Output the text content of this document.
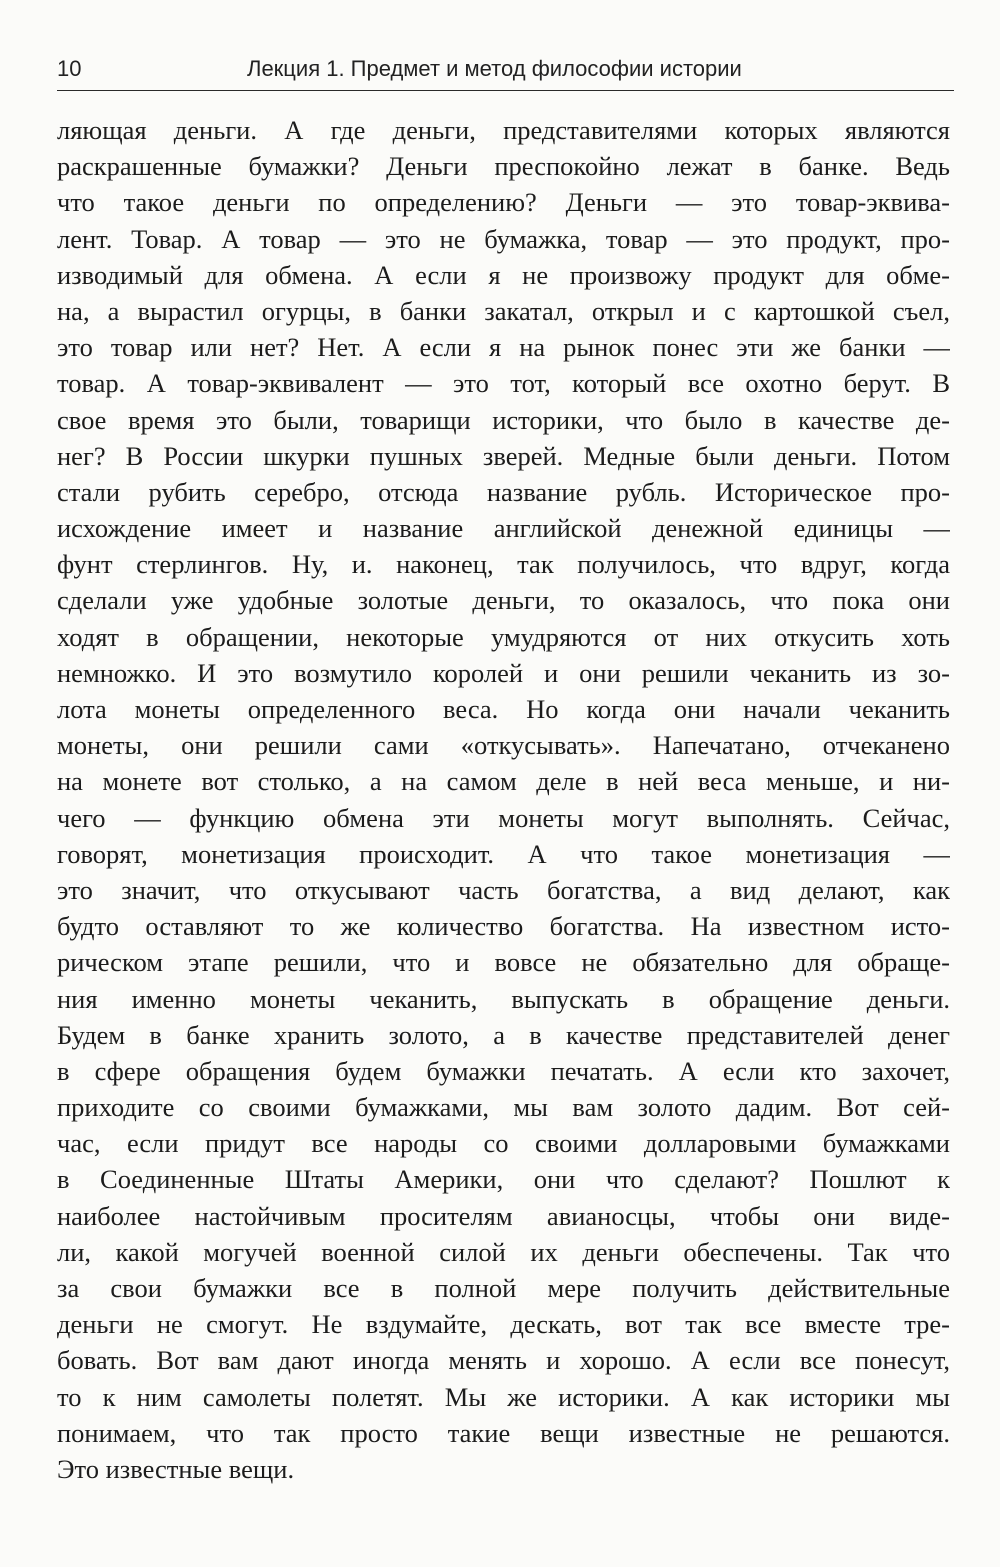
10	Лекция 1. Предмет и метод философии истории
ляющая деньги. А где деньги, представителями которых являются
раскрашенные бумажки? Деньги преспокойно лежат в банке. Ведь
что такое деньги по определению? Деньги — это товар-эквива-
лент. Товар. А товар — это не бумажка, товар — это продукт, про-
изводимый для обмена. А если я не произвожу продукт для обме-
на, а вырастил огурцы, в банки закатал, открыл и с картошкой съел,
это товар или нет? Нет. А если я на рынок понес эти же банки —
товар. А товар-эквивалент — это тот, который все охотно берут. В
свое время это были, товарищи историки, что было в качестве де-
нег? В России шкурки пушных зверей. Медные были деньги. Потом
стали рубить серебро, отсюда название рубль. Историческое про-
исхождение имеет и название английской денежной единицы —
фунт стерлингов. Ну, и. наконец, так получилось, что вдруг, когда
сделали уже удобные золотые деньги, то оказалось, что пока они
ходят в обращении, некоторые умудряются от них откусить хоть
немножко. И это возмутило королей и они решили чеканить из зо-
лота монеты определенного веса. Но когда они начали чеканить
монеты, они решили сами «откусывать». Напечатано, отчеканено
на монете вот столько, а на самом деле в ней веса меньше, и ни-
чего — функцию обмена эти монеты могут выполнять. Сейчас,
говорят, монетизация происходит. А что такое монетизация —
это значит, что откусывают часть богатства, а вид делают, как
будто оставляют то же количество богатства. На известном исто-
рическом этапе решили, что и вовсе не обязательно для обраще-
ния именно монеты чеканить, выпускать в обращение деньги.
Будем в банке хранить золото, а в качестве представителей денег
в сфере обращения будем бумажки печатать. А если кто захочет,
приходите со своими бумажками, мы вам золото дадим. Вот сей-
час, если придут все народы со своими долларовыми бумажками
в Соединенные Штаты Америки, они что сделают? Пошлют к
наиболее настойчивым просителям авианосцы, чтобы они виде-
ли, какой могучей военной силой их деньги обеспечены. Так что
за свои бумажки все в полной мере получить действительные
деньги не смогут. Не вздумайте, дескать, вот так все вместе тре-
бовать. Вот вам дают иногда менять и хорошо. А если все понесут,
то к ним самолеты полетят. Мы же историки. А как историки мы
понимаем, что так просто такие вещи известные не решаются.
Это известные вещи.
